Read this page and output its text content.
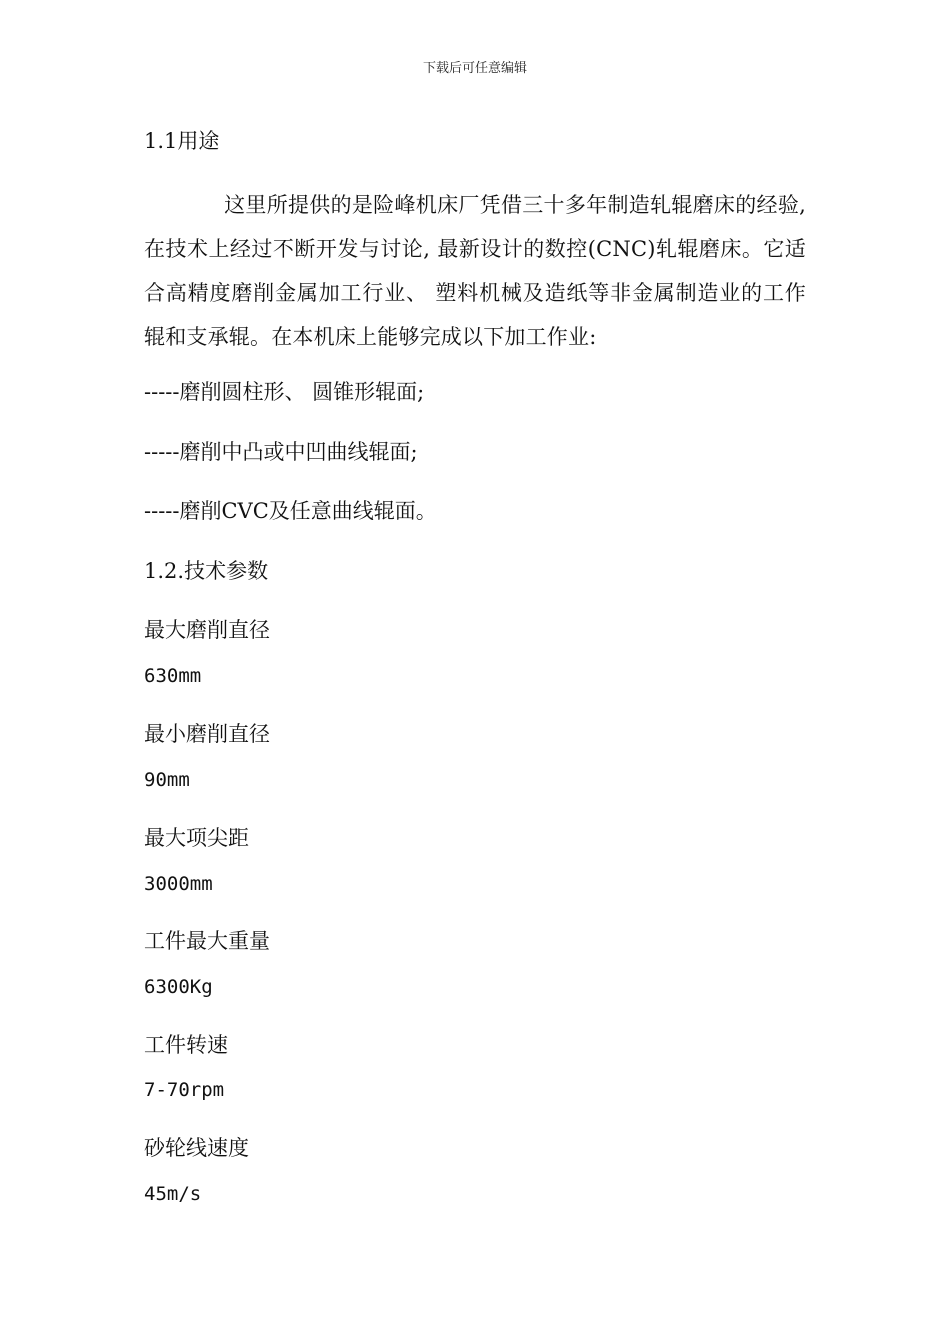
下载后可任意编辑
1.1用途
这里所提供的是险峰机床厂凭借三十多年制造轧辊磨床的经验, 在技术上经过不断开发与讨论, 最新设计的数控(CNC)轧辊磨床。它适合高精度磨削金属加工行业、 塑料机械及造纸等非金属制造业的工作辊和支承辊。在本机床上能够完成以下加工作业:
-----磨削圆柱形、 圆锥形辊面;
-----磨削中凸或中凹曲线辊面;
-----磨削CVC及任意曲线辊面。
1.2.技术参数
最大磨削直径
630mm
最小磨削直径
90mm
最大项尖距
3000mm
工件最大重量
6300Kg
工件转速
7-70rpm
砂轮线速度
45m/s
